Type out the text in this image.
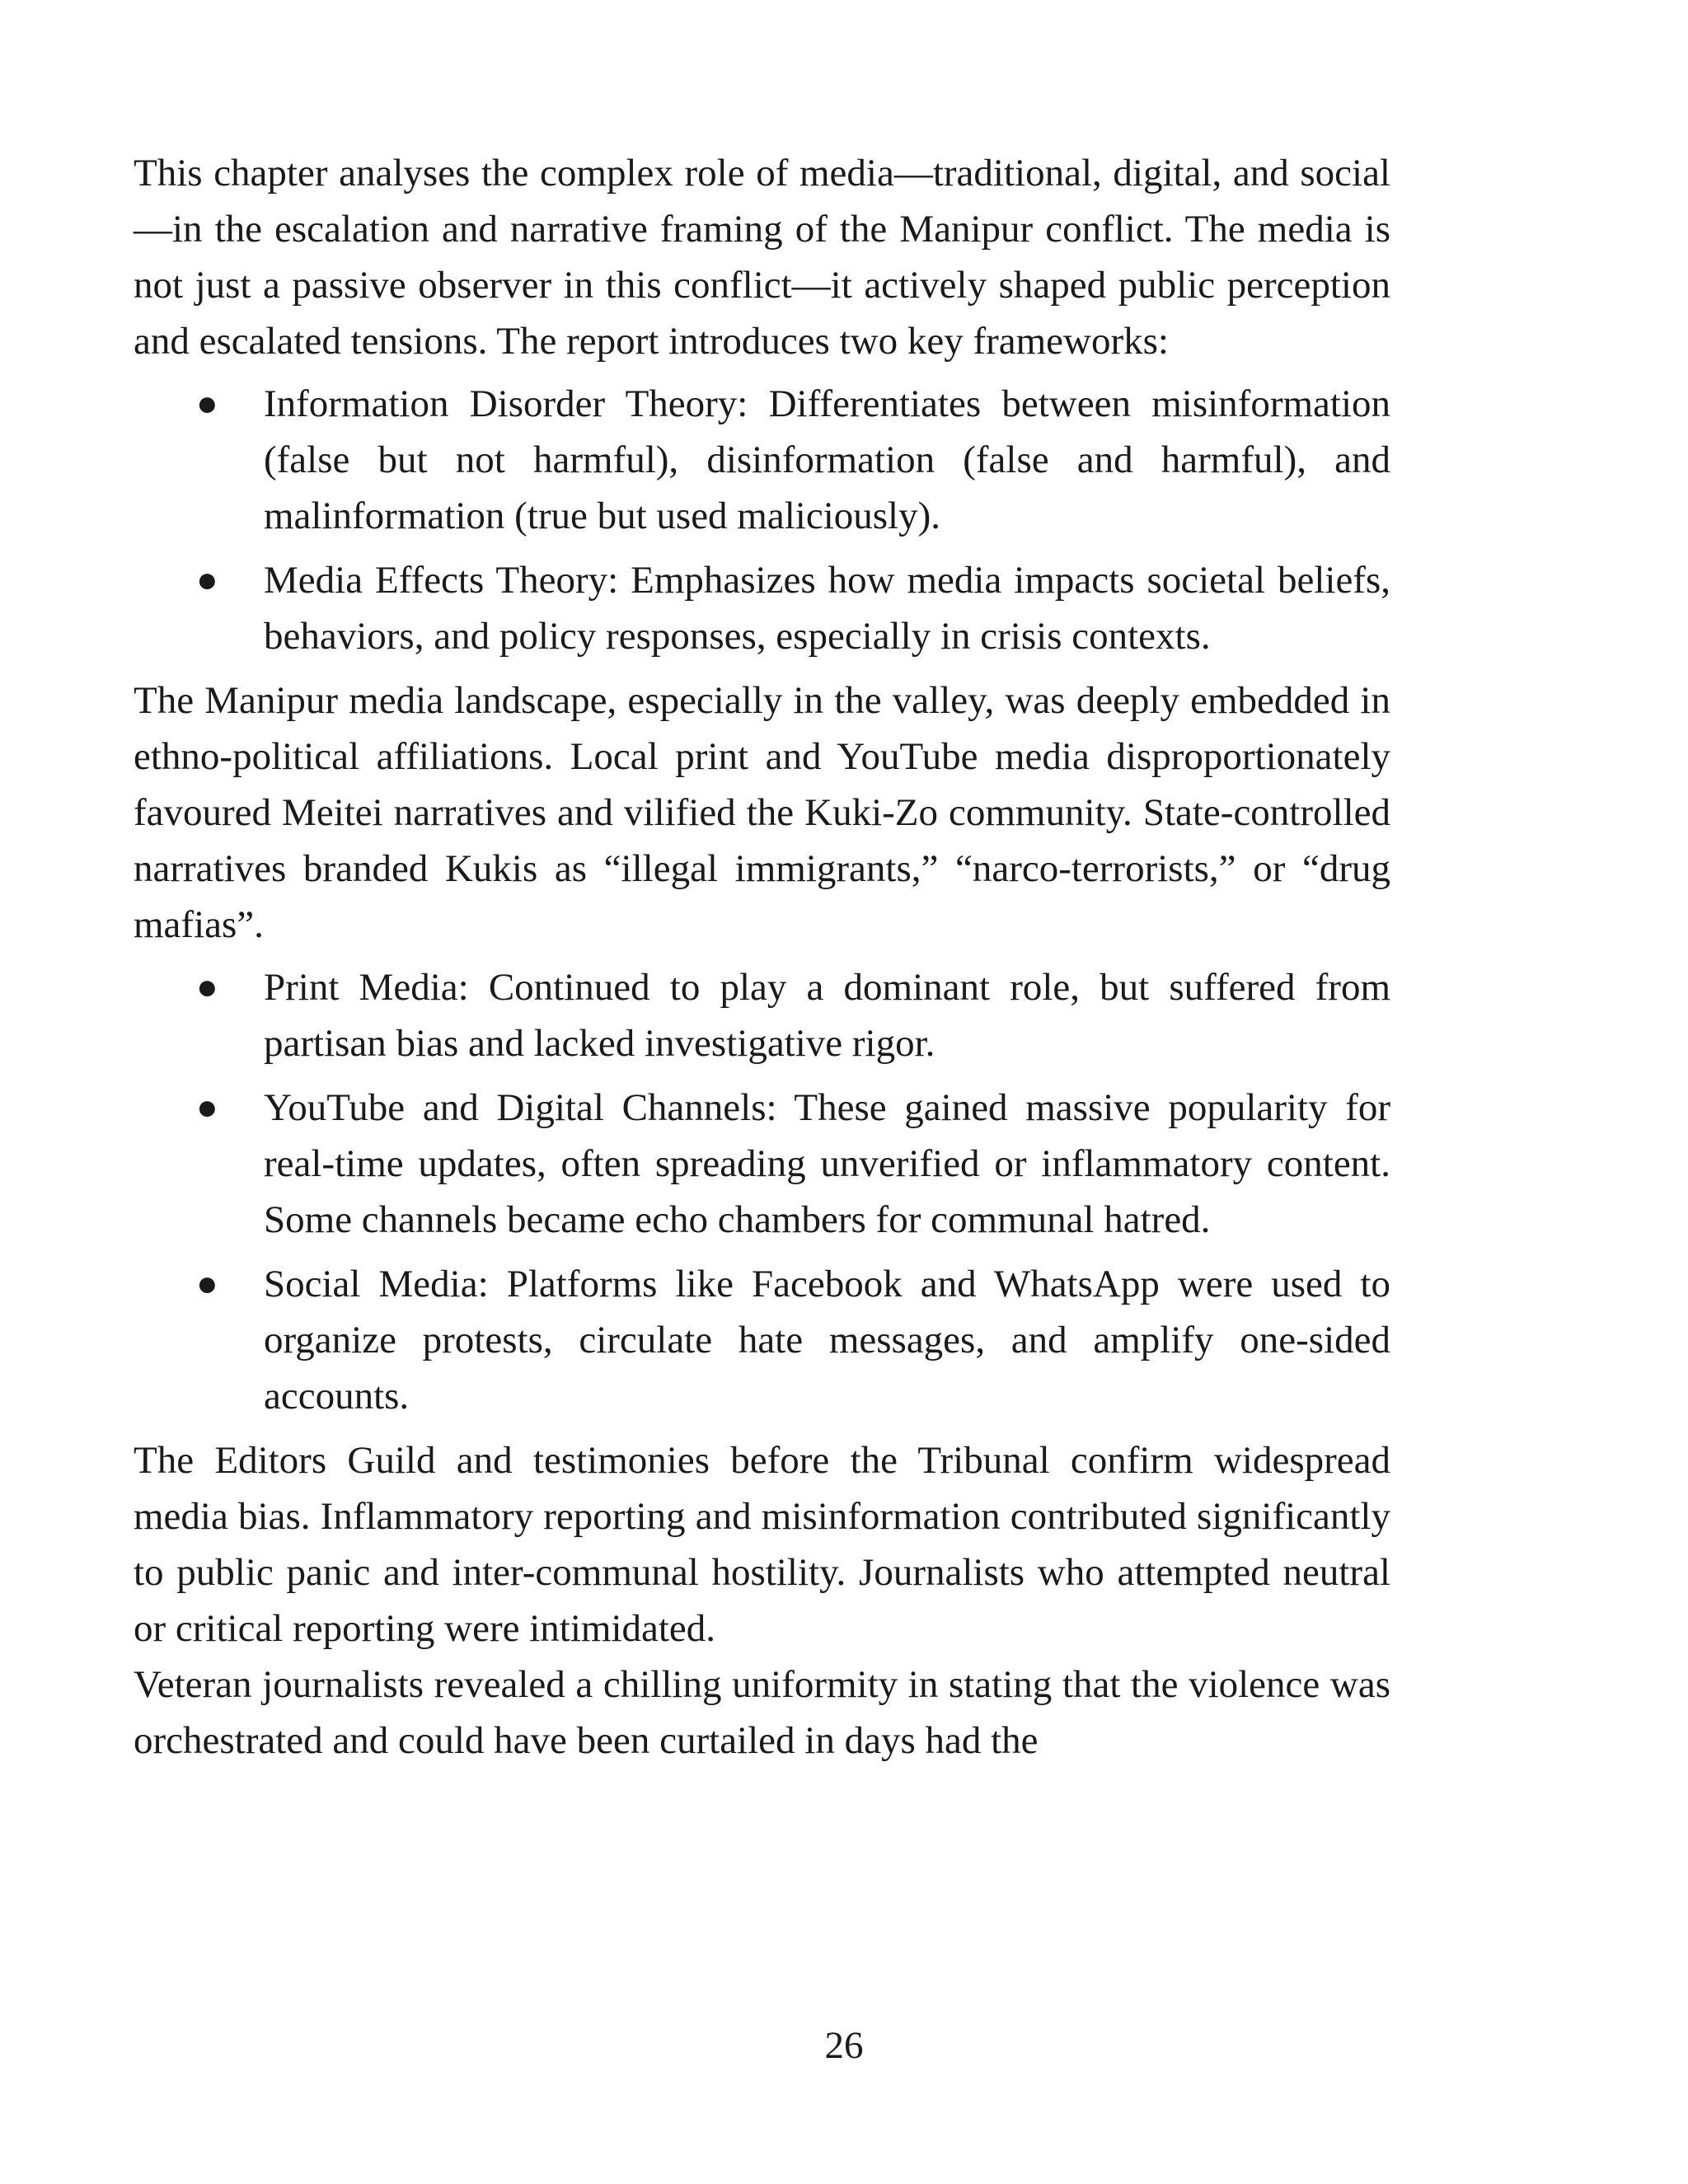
This chapter analyses the complex role of media—traditional, digital, and social—in the escalation and narrative framing of the Manipur conflict. The media is not just a passive observer in this conflict—it actively shaped public perception and escalated tensions. The report introduces two key frameworks:

● Information Disorder Theory: Differentiates between misinformation (false but not harmful), disinformation (false and harmful), and malinformation (true but used maliciously).
● Media Effects Theory: Emphasizes how media impacts societal beliefs, behaviors, and policy responses, especially in crisis contexts.

The Manipur media landscape, especially in the valley, was deeply embedded in ethno-political affiliations. Local print and YouTube media disproportionately favoured Meitei narratives and vilified the Kuki-Zo community. State-controlled narratives branded Kukis as “illegal immigrants,” “narco-terrorists,” or “drug mafias”.

● Print Media: Continued to play a dominant role, but suffered from partisan bias and lacked investigative rigor.
● YouTube and Digital Channels: These gained massive popularity for real-time updates, often spreading unverified or inflammatory content. Some channels became echo chambers for communal hatred.
● Social Media: Platforms like Facebook and WhatsApp were used to organize protests, circulate hate messages, and amplify one-sided accounts.

The Editors Guild and testimonies before the Tribunal confirm widespread media bias. Inflammatory reporting and misinformation contributed significantly to public panic and inter-communal hostility. Journalists who attempted neutral or critical reporting were intimidated.

Veteran journalists revealed a chilling uniformity in stating that the violence was orchestrated and could have been curtailed in days had the

26
